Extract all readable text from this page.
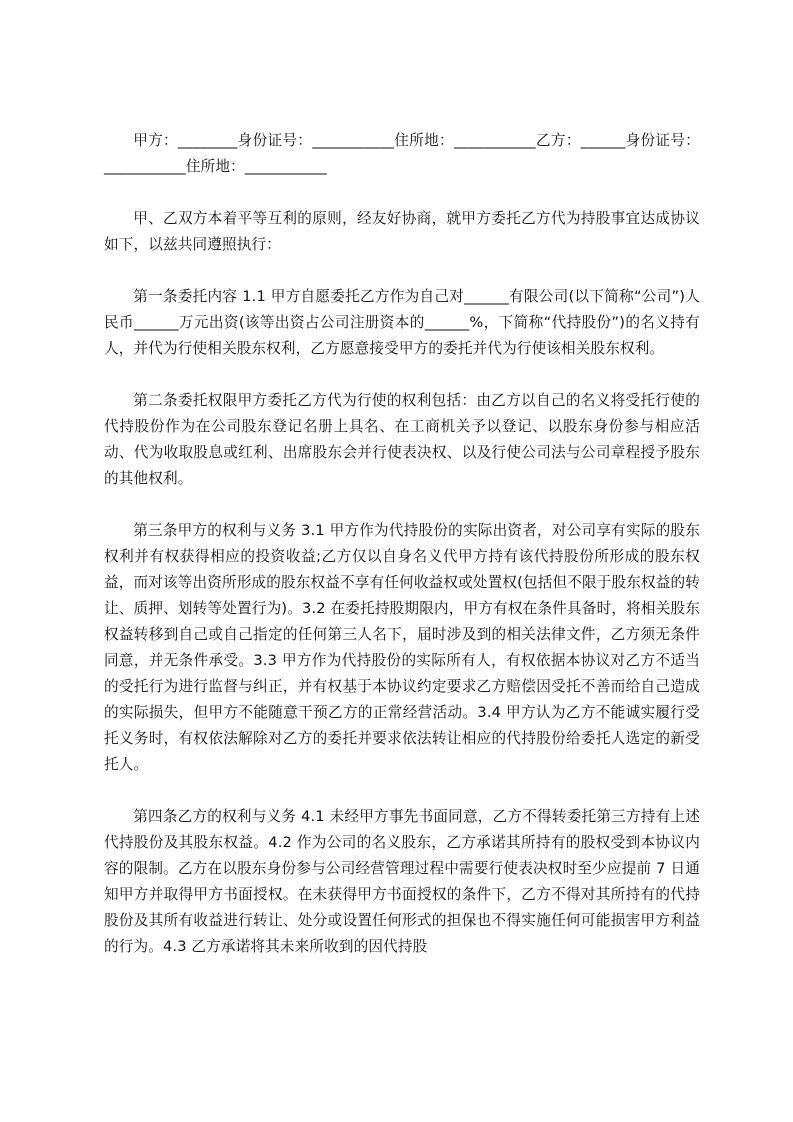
甲方：________身份证号：___________住所地：___________乙方：______身份证号：___________住所地：___________

甲、乙双方本着平等互利的原则，经友好协商，就甲方委托乙方代为持股事宜达成协议如下，以兹共同遵照执行：

第一条委托内容 1.1 甲方自愿委托乙方作为自己对______有限公司(以下简称“公司”)人民币______万元出资(该等出资占公司注册资本的______%，下简称“代持股份”)的名义持有人，并代为行使相关股东权利，乙方愿意接受甲方的委托并代为行使该相关股东权利。

第二条委托权限甲方委托乙方代为行使的权利包括：由乙方以自己的名义将受托行使的代持股份作为在公司股东登记名册上具名、在工商机关予以登记、以股东身份参与相应活动、代为收取股息或红利、出席股东会并行使表决权、以及行使公司法与公司章程授予股东的其他权利。

第三条甲方的权利与义务 3.1 甲方作为代持股份的实际出资者，对公司享有实际的股东权利并有权获得相应的投资收益;乙方仅以自身名义代甲方持有该代持股份所形成的股东权益，而对该等出资所形成的股东权益不享有任何收益权或处置权(包括但不限于股东权益的转让、质押、划转等处置行为)。3.2 在委托持股期限内，甲方有权在条件具备时，将相关股东权益转移到自己或自己指定的任何第三人名下，届时涉及到的相关法律文件，乙方须无条件同意，并无条件承受。3.3 甲方作为代持股份的实际所有人，有权依据本协议对乙方不适当的受托行为进行监督与纠正，并有权基于本协议约定要求乙方赔偿因受托不善而给自己造成的实际损失，但甲方不能随意干预乙方的正常经营活动。3.4 甲方认为乙方不能诚实履行受托义务时，有权依法解除对乙方的委托并要求依法转让相应的代持股份给委托人选定的新受托人。

第四条乙方的权利与义务 4.1 未经甲方事先书面同意，乙方不得转委托第三方持有上述代持股份及其股东权益。4.2 作为公司的名义股东，乙方承诺其所持有的股权受到本协议内容的限制。乙方在以股东身份参与公司经营管理过程中需要行使表决权时至少应提前 7 日通知甲方并取得甲方书面授权。在未获得甲方书面授权的条件下，乙方不得对其所持有的代持股份及其所有收益进行转让、处分或设置任何形式的担保也不得实施任何可能损害甲方利益的行为。4.3 乙方承诺将其未来所收到的因代持股
